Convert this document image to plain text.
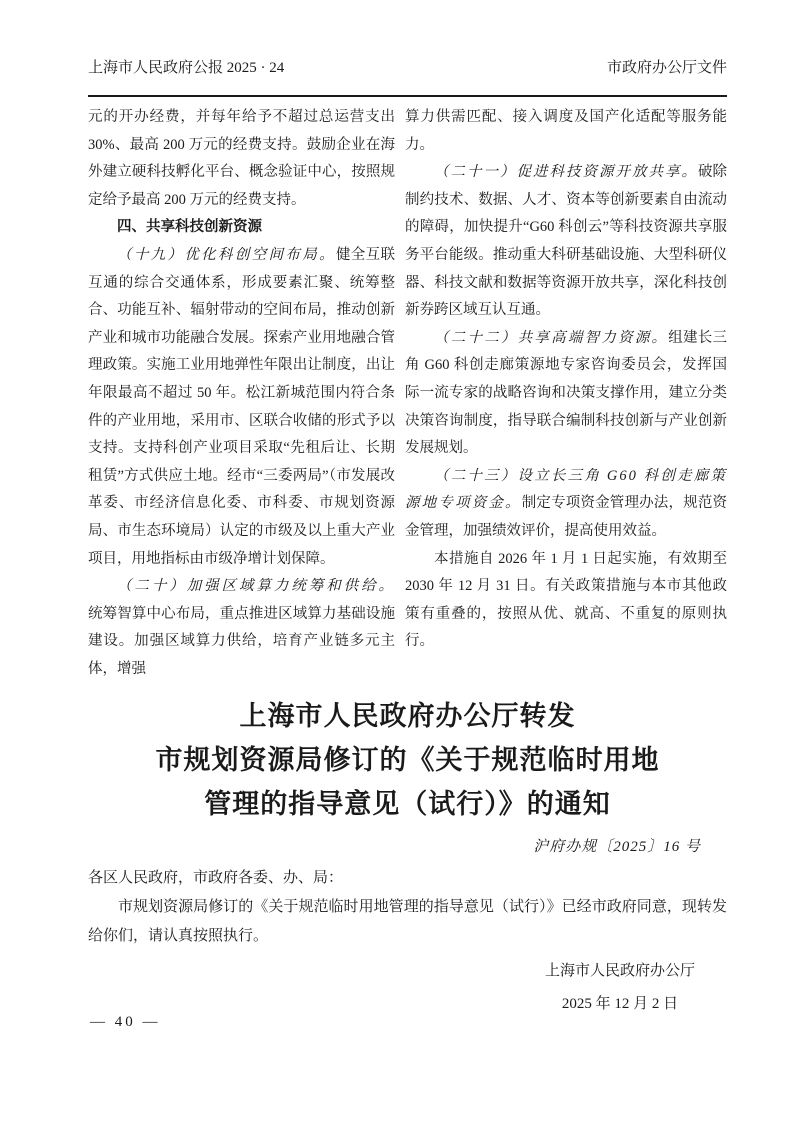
上海市人民政府公报 2025 · 24	市政府办公厅文件

元的开办经费，并每年给予不超过总运营支出 30%、最高 200 万元的经费支持。鼓励企业在海外建立硬科技孵化平台、概念验证中心，按照规定给予最高 200 万元的经费支持。

四、共享科技创新资源

（十九）优化科创空间布局。健全互联互通的综合交通体系，形成要素汇聚、统筹整合、功能互补、辐射带动的空间布局，推动创新产业和城市功能融合发展。探索产业用地融合管理政策。实施工业用地弹性年限出让制度，出让年限最高不超过 50 年。松江新城范围内符合条件的产业用地，采用市、区联合收储的形式予以支持。支持科创产业项目采取“先租后让、长期租赁”方式供应土地。经市“三委两局”（市发展改革委、市经济信息化委、市科委、市规划资源局、市生态环境局）认定的市级及以上重大产业项目，用地指标由市级净增计划保障。

（二十）加强区域算力统筹和供给。统筹智算中心布局，重点推进区域算力基础设施建设。加强区域算力供给，培育产业链多元主体，增强

算力供需匹配、接入调度及国产化适配等服务能力。

（二十一）促进科技资源开放共享。破除制约技术、数据、人才、资本等创新要素自由流动的障碍，加快提升“G60 科创云”等科技资源共享服务平台能级。推动重大科研基础设施、大型科研仪器、科技文献和数据等资源开放共享，深化科技创新券跨区域互认互通。

（二十二）共享高端智力资源。组建长三角 G60 科创走廊策源地专家咨询委员会，发挥国际一流专家的战略咨询和决策支撑作用，建立分类决策咨询制度，指导联合编制科技创新与产业创新发展规划。

（二十三）设立长三角 G60 科创走廊策源地专项资金。制定专项资金管理办法，规范资金管理，加强绩效评价，提高使用效益。

本措施自 2026 年 1 月 1 日起实施，有效期至 2030 年 12 月 31 日。有关政策措施与本市其他政策有重叠的，按照从优、就高、不重复的原则执行。

上海市人民政府办公厅转发
市规划资源局修订的《关于规范临时用地
管理的指导意见（试行）》的通知
沪府办规〔2025〕16 号

各区人民政府，市政府各委、办、局：

市规划资源局修订的《关于规范临时用地管理的指导意见（试行）》已经市政府同意，现转发给你们，请认真按照执行。

上海市人民政府办公厅
2025 年 12 月 2 日
— 40 —
